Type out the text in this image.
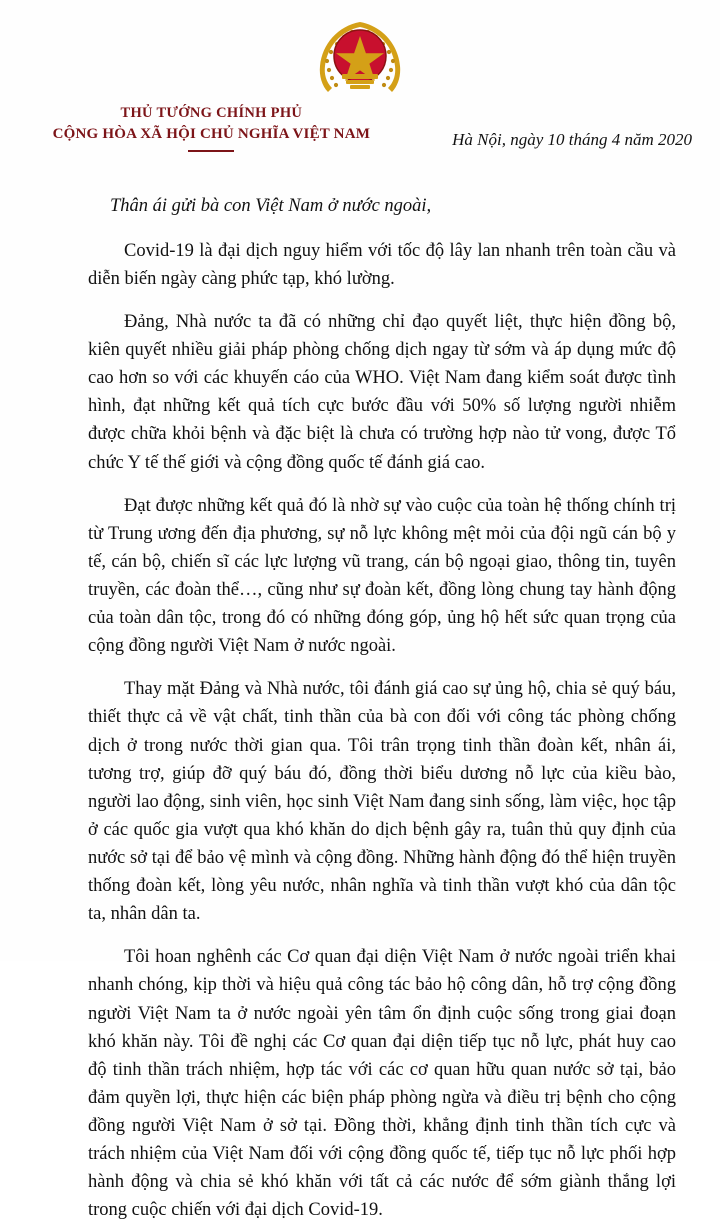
THỦ TƯỚNG CHÍNH PHỦ
CỘNG HÒA XÃ HỘI CHỦ NGHĨA VIỆT NAM	Hà Nội, ngày 10 tháng 4 năm 2020
Thân ái gửi bà con Việt Nam ở nước ngoài,

Covid-19 là đại dịch nguy hiểm với tốc độ lây lan nhanh trên toàn cầu và diễn biến ngày càng phức tạp, khó lường.

Đảng, Nhà nước ta đã có những chỉ đạo quyết liệt, thực hiện đồng bộ, kiên quyết nhiều giải pháp phòng chống dịch ngay từ sớm và áp dụng mức độ cao hơn so với các khuyến cáo của WHO. Việt Nam đang kiểm soát được tình hình, đạt những kết quả tích cực bước đầu với 50% số lượng người nhiễm được chữa khỏi bệnh và đặc biệt là chưa có trường hợp nào tử vong, được Tổ chức Y tế thế giới và cộng đồng quốc tế đánh giá cao.

Đạt được những kết quả đó là nhờ sự vào cuộc của toàn hệ thống chính trị từ Trung ương đến địa phương, sự nỗ lực không mệt mỏi của đội ngũ cán bộ y tế, cán bộ, chiến sĩ các lực lượng vũ trang, cán bộ ngoại giao, thông tin, tuyên truyền, các đoàn thể…, cũng như sự đoàn kết, đồng lòng chung tay hành động của toàn dân tộc, trong đó có những đóng góp, ủng hộ hết sức quan trọng của cộng đồng người Việt Nam ở nước ngoài.

Thay mặt Đảng và Nhà nước, tôi đánh giá cao sự ủng hộ, chia sẻ quý báu, thiết thực cả về vật chất, tinh thần của bà con đối với công tác phòng chống dịch ở trong nước thời gian qua. Tôi trân trọng tinh thần đoàn kết, nhân ái, tương trợ, giúp đỡ quý báu đó, đồng thời biểu dương nỗ lực của kiều bào, người lao động, sinh viên, học sinh Việt Nam đang sinh sống, làm việc, học tập ở các quốc gia vượt qua khó khăn do dịch bệnh gây ra, tuân thủ quy định của nước sở tại để bảo vệ mình và cộng đồng. Những hành động đó thể hiện truyền thống đoàn kết, lòng yêu nước, nhân nghĩa và tinh thần vượt khó của dân tộc ta, nhân dân ta.

Tôi hoan nghênh các Cơ quan đại diện Việt Nam ở nước ngoài triển khai nhanh chóng, kịp thời và hiệu quả công tác bảo hộ công dân, hỗ trợ cộng đồng người Việt Nam ta ở nước ngoài yên tâm ổn định cuộc sống trong giai đoạn khó khăn này. Tôi đề nghị các Cơ quan đại diện tiếp tục nỗ lực, phát huy cao độ tinh thần trách nhiệm, hợp tác với các cơ quan hữu quan nước sở tại, bảo đảm quyền lợi, thực hiện các biện pháp phòng ngừa và điều trị bệnh cho cộng đồng người Việt Nam ở sở tại. Đồng thời, khẳng định tinh thần tích cực và trách nhiệm của Việt Nam đối với cộng đồng quốc tế, tiếp tục nỗ lực phối hợp hành động và chia sẻ khó khăn với tất cả các nước để sớm giành thắng lợi trong cuộc chiến với đại dịch Covid-19.
